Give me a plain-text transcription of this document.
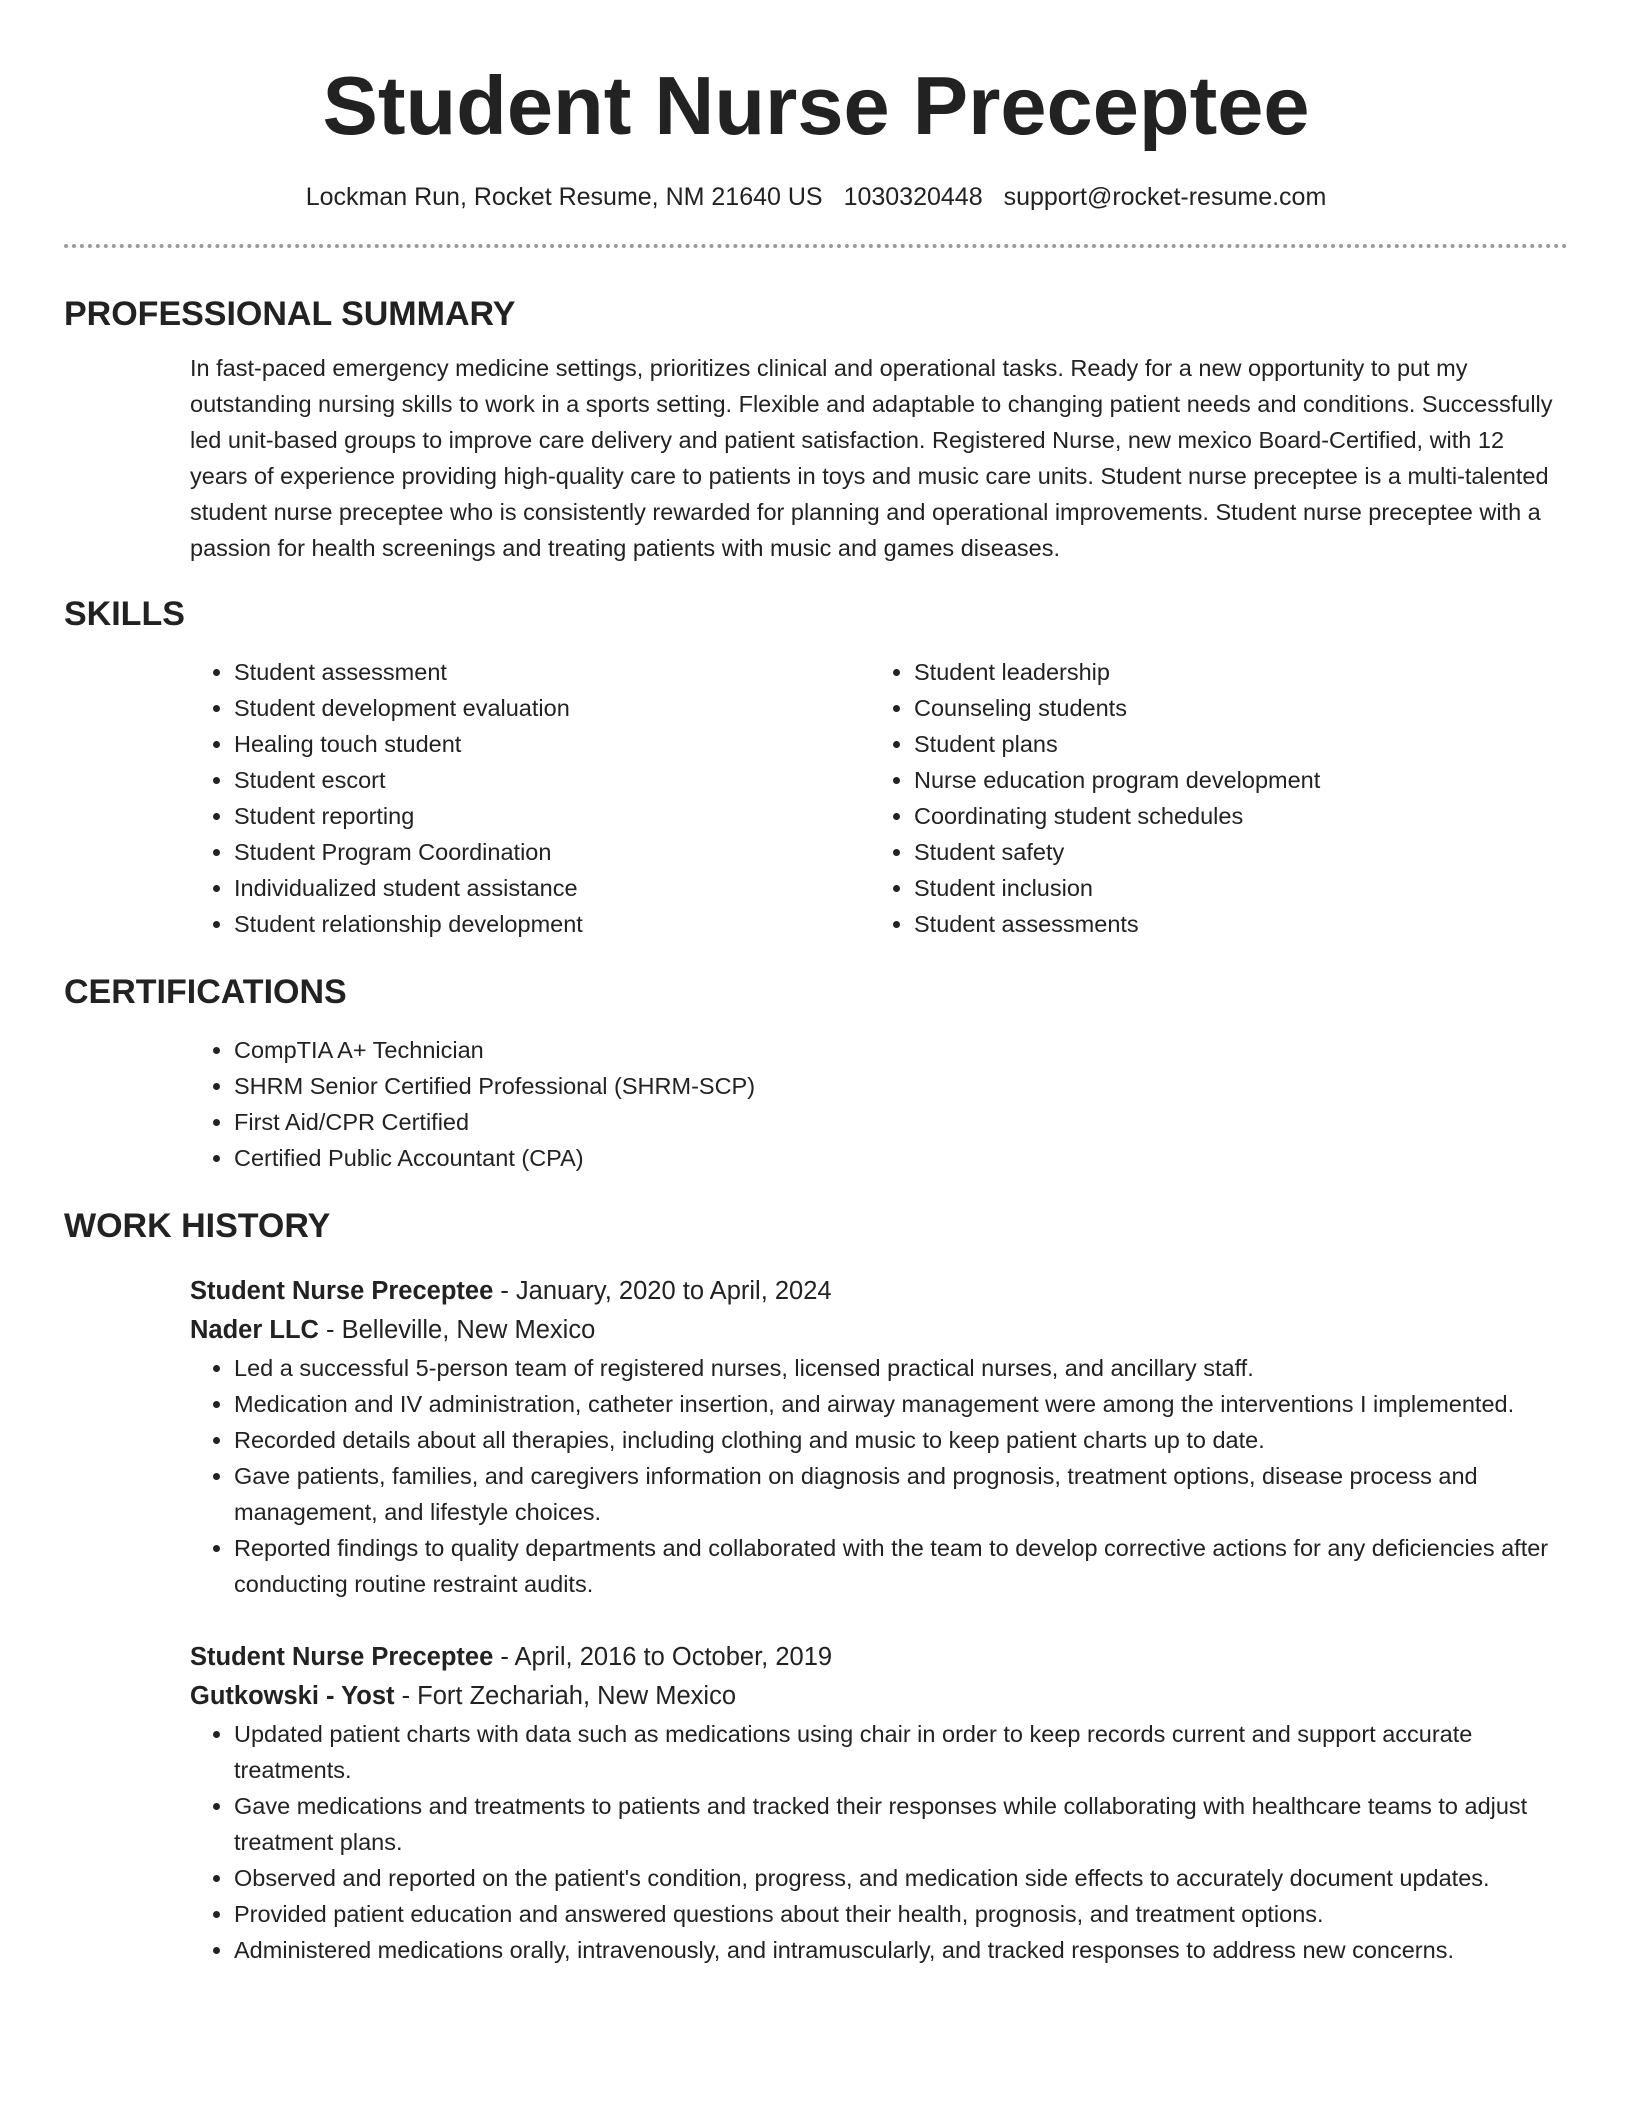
Student Nurse Preceptee
Lockman Run, Rocket Resume, NM 21640 US 1030320448 support@rocket-resume.com
PROFESSIONAL SUMMARY

In fast-paced emergency medicine settings, prioritizes clinical and operational tasks. Ready for a new opportunity to put my outstanding nursing skills to work in a sports setting. Flexible and adaptable to changing patient needs and conditions. Successfully led unit-based groups to improve care delivery and patient satisfaction. Registered Nurse, new mexico Board-Certified, with 12 years of experience providing high-quality care to patients in toys and music care units. Student nurse preceptee is a multi-talented student nurse preceptee who is consistently rewarded for planning and operational improvements. Student nurse preceptee with a passion for health screenings and treating patients with music and games diseases.

SKILLS
• Student assessment
• Student development evaluation
• Healing touch student
• Student escort
• Student reporting
• Student Program Coordination
• Individualized student assistance
• Student relationship development
• Student leadership
• Counseling students
• Student plans
• Nurse education program development
• Coordinating student schedules
• Student safety
• Student inclusion
• Student assessments
CERTIFICATIONS
• CompTIA A+ Technician
• SHRM Senior Certified Professional (SHRM-SCP)
• First Aid/CPR Certified
• Certified Public Accountant (CPA)
WORK HISTORY
Student Nurse Preceptee - January, 2020 to April, 2024
Nader LLC - Belleville, New Mexico
• Led a successful 5-person team of registered nurses, licensed practical nurses, and ancillary staff.
• Medication and IV administration, catheter insertion, and airway management were among the interventions I implemented.
• Recorded details about all therapies, including clothing and music to keep patient charts up to date.
• Gave patients, families, and caregivers information on diagnosis and prognosis, treatment options, disease process and management, and lifestyle choices.
• Reported findings to quality departments and collaborated with the team to develop corrective actions for any deficiencies after conducting routine restraint audits.
Student Nurse Preceptee - April, 2016 to October, 2019
Gutkowski - Yost - Fort Zechariah, New Mexico
• Updated patient charts with data such as medications using chair in order to keep records current and support accurate treatments.
• Gave medications and treatments to patients and tracked their responses while collaborating with healthcare teams to adjust treatment plans.
• Observed and reported on the patient's condition, progress, and medication side effects to accurately document updates.
• Provided patient education and answered questions about their health, prognosis, and treatment options.
• Administered medications orally, intravenously, and intramuscularly, and tracked responses to address new concerns.
